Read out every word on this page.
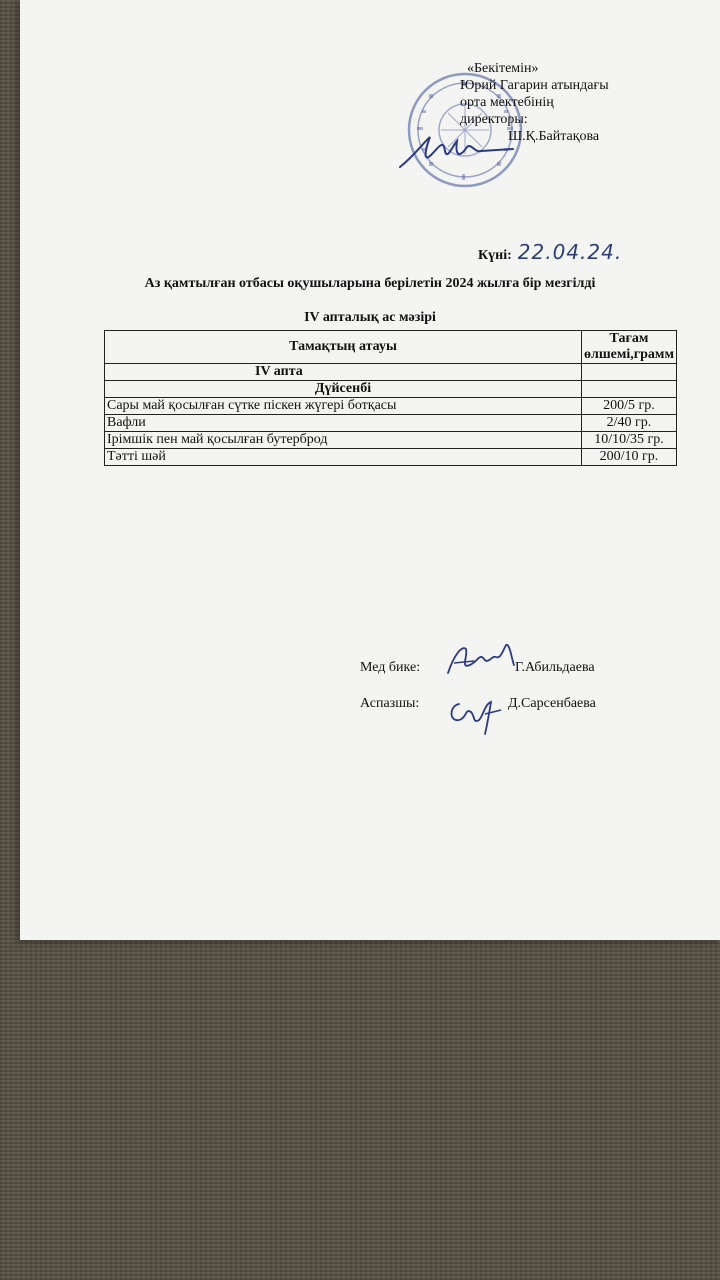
«Бекітемін»
Юрий Гагарин атындағы
орта мектебінің
директоры:
Ш.Қ.Байтақова
Күні: 22.04.24.
Аз қамтылған отбасы оқушыларына берілетін 2024 жылға бір мезгілді
IV апталық ас мәзірі
Тамақтың атауы	Тағам өлшемі,грамм
IV апта	
Дүйсенбі	
Сары май қосылған сүтке піскен жүгері ботқасы	200/5 гр.
Вафли	2/40 гр.
Ірімшік пен май қосылған бутерброд	10/10/35 гр.
Тәтті шәй	200/10 гр.
Мед бике:	Г.Абильдаева
Аспазшы:	Д.Сарсенбаева
